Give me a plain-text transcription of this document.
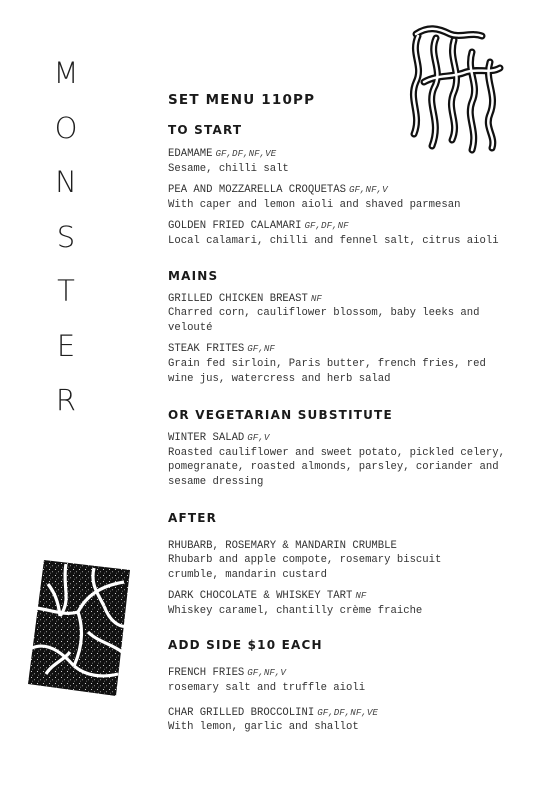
M
O
N
S
T
E
R
SET MENU 110PP
TO START
EDAMAME GF,DF,NF,VE
Sesame, chilli salt
PEA AND MOZZARELLA CROQUETAS GF,NF,V
With caper and lemon aioli and shaved parmesan
GOLDEN FRIED CALAMARI GF,DF,NF
Local calamari, chilli and fennel salt, citrus aioli
MAINS
GRILLED CHICKEN BREAST NF
Charred corn, cauliflower blossom, baby leeks and velouté
STEAK FRITES GF,NF
Grain fed sirloin, Paris butter, french fries, red wine jus, watercress and herb salad
OR VEGETARIAN SUBSTITUTE
WINTER SALAD GF,V
Roasted cauliflower and sweet potato, pickled celery, pomegranate, roasted almonds, parsley, coriander and sesame dressing
AFTER
RHUBARB, ROSEMARY & MANDARIN CRUMBLE
Rhubarb and apple compote, rosemary biscuit crumble, mandarin custard
DARK CHOCOLATE & WHISKEY TART NF
Whiskey caramel, chantilly crème fraiche
ADD SIDE $10 EACH
FRENCH FRIES GF,NF,V
rosemary salt and truffle aioli
CHAR GRILLED BROCCOLINI GF,DF,NF,VE
With lemon, garlic and shallot
